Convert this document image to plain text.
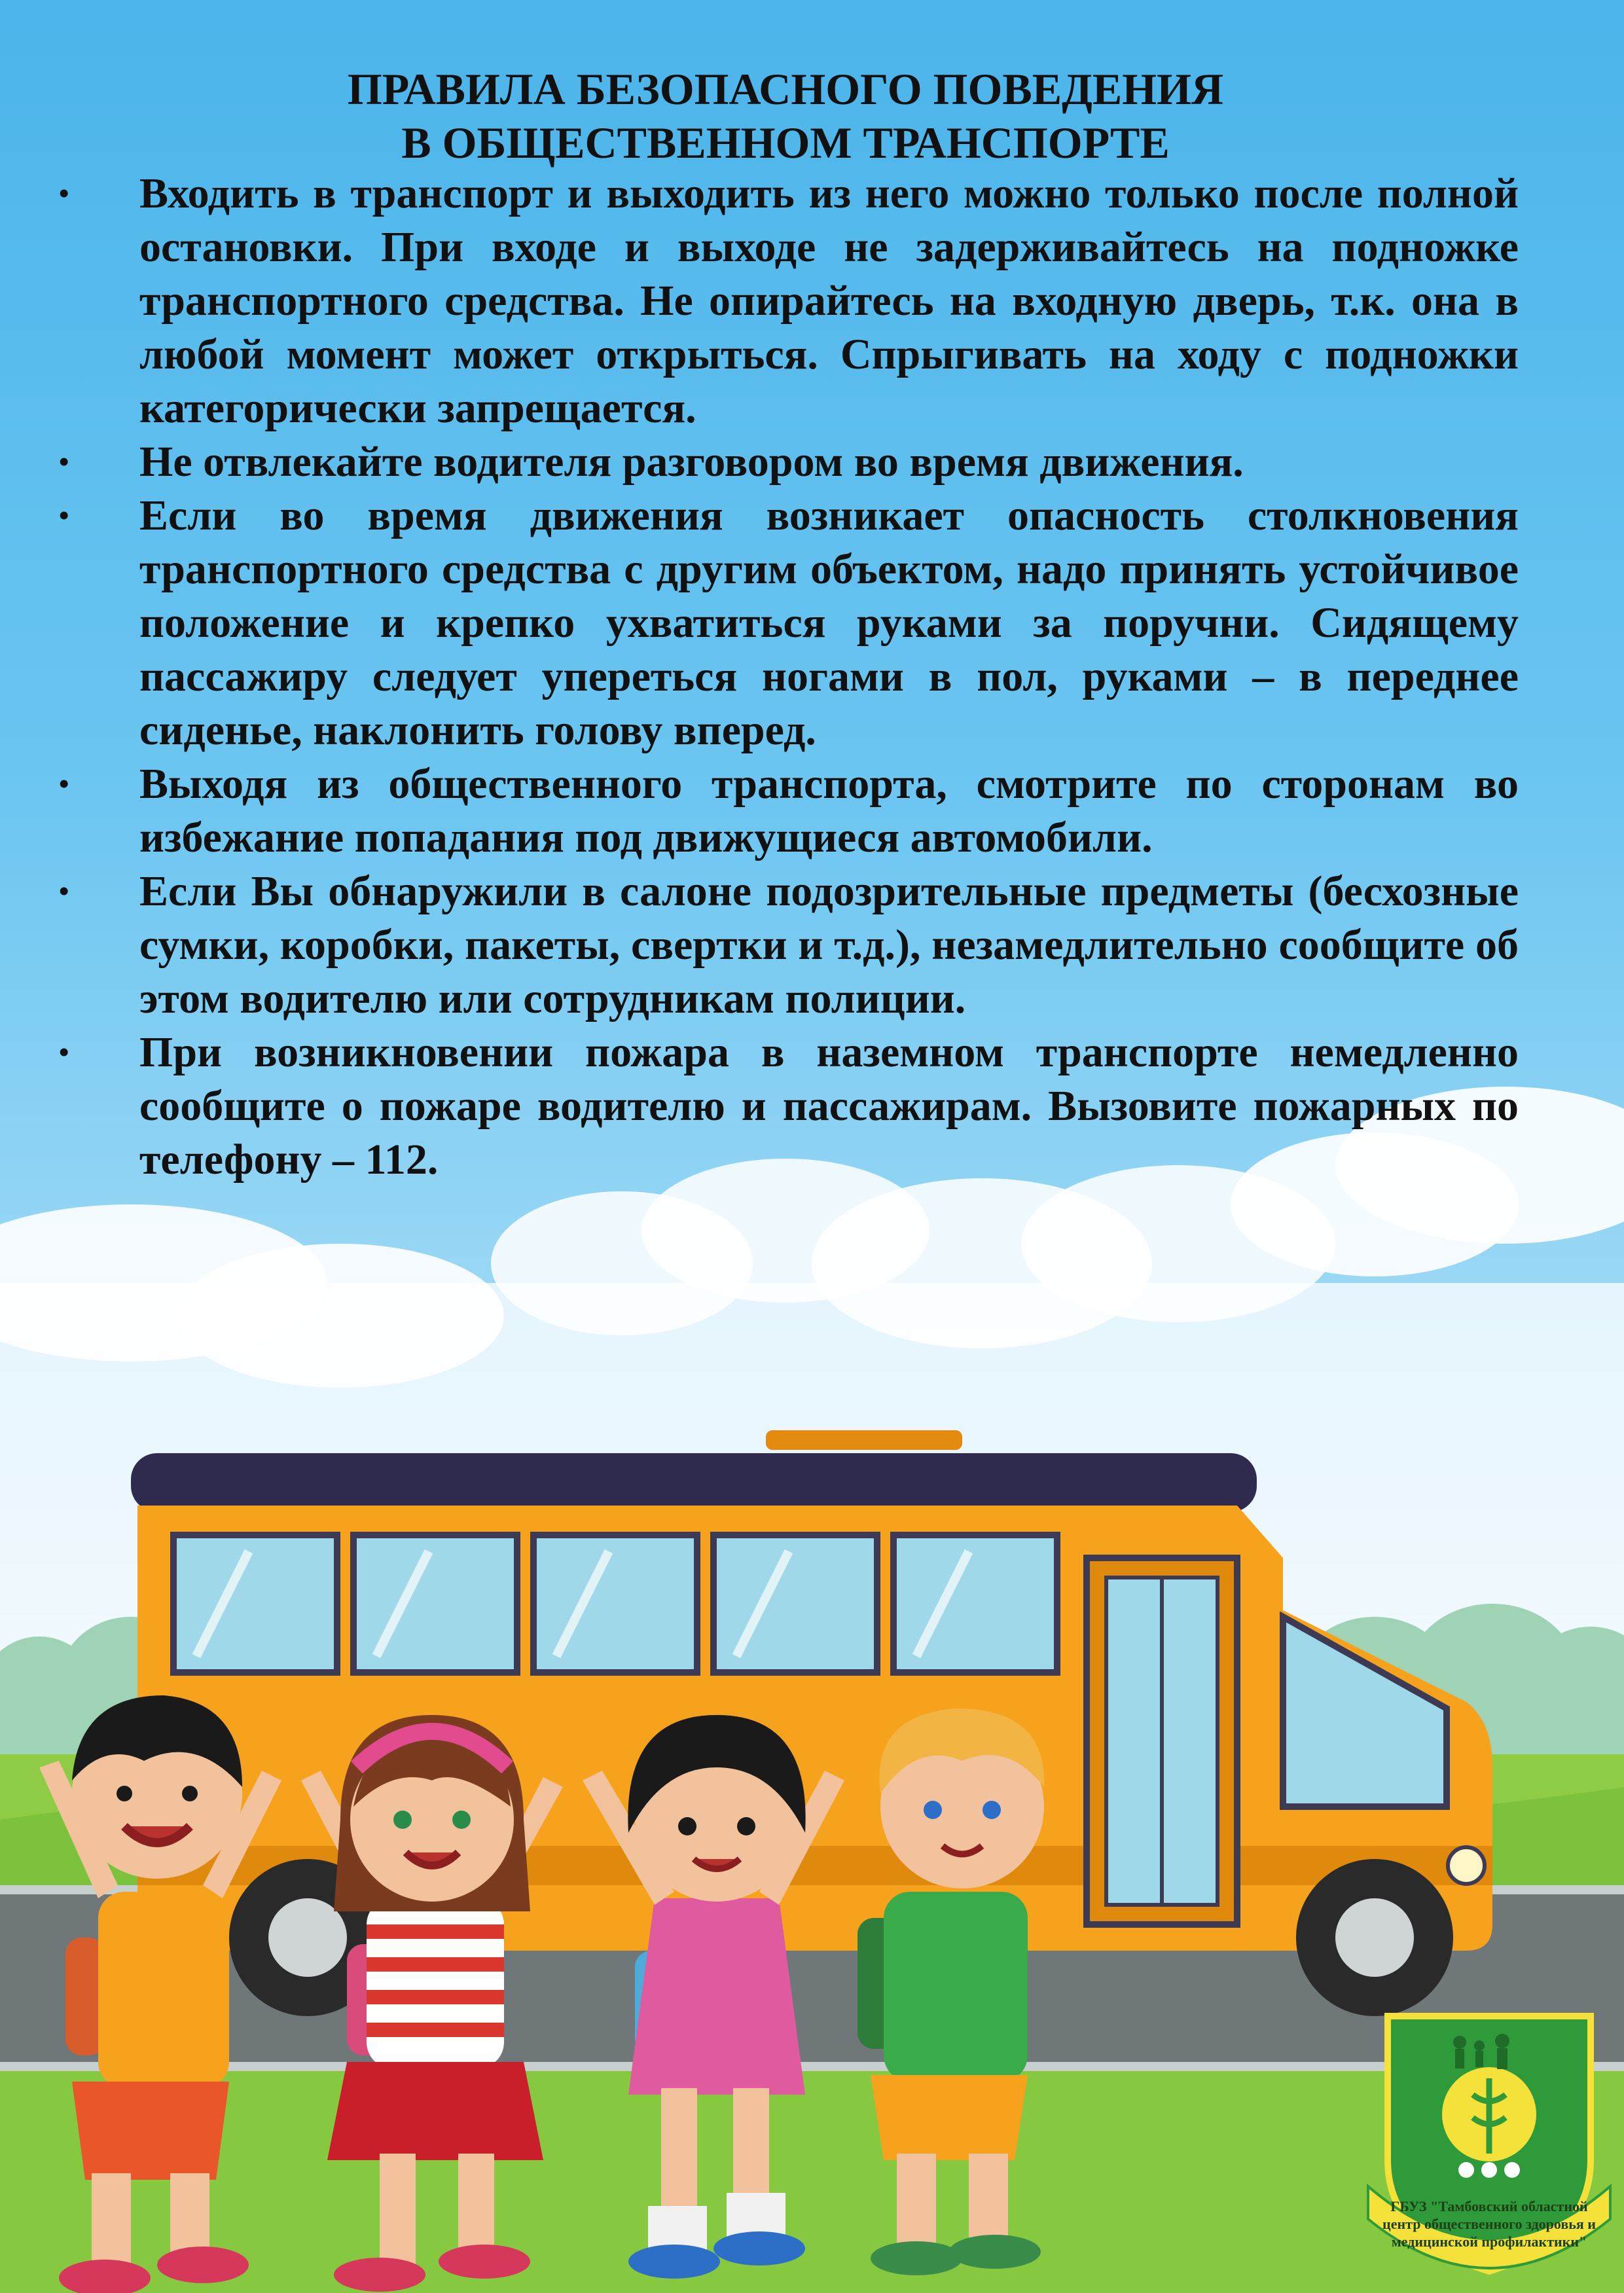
ПРАВИЛА БЕЗОПАСНОГО ПОВЕДЕНИЯ
В ОБЩЕСТВЕННОМ ТРАНСПОРТЕ
• Входить в транспорт и выходить из него можно только после полной остановки. При входе и выходе не задерживайтесь на подножке транспортного средства. Не опирайтесь на входную дверь, т.к. она в любой момент может открыться. Спрыгивать на ходу с подножки категорически запрещается.
• Не отвлекайте водителя разговором во время движения.
• Если во время движения возникает опасность столкновения транспортного средства с другим объектом, надо принять устойчивое положение и крепко ухватиться руками за поручни. Сидящему пассажиру следует упереться ногами в пол, руками – в переднее сиденье, наклонить голову вперед.
• Выходя из общественного транспорта, смотрите по сторонам во избежание попадания под движущиеся автомобили.
• Если Вы обнаружили в салоне подозрительные предметы (бесхозные сумки, коробки, пакеты, свертки и т.д.), незамедлительно сообщите об этом водителю или сотрудникам полиции.
• При возникновении пожара в наземном транспорте немедленно сообщите о пожаре водителю и пассажирам. Вызовите пожарных по телефону – 112.
ГБУЗ "Тамбовский областной
центр общественного здоровья и
медицинской профилактики"
